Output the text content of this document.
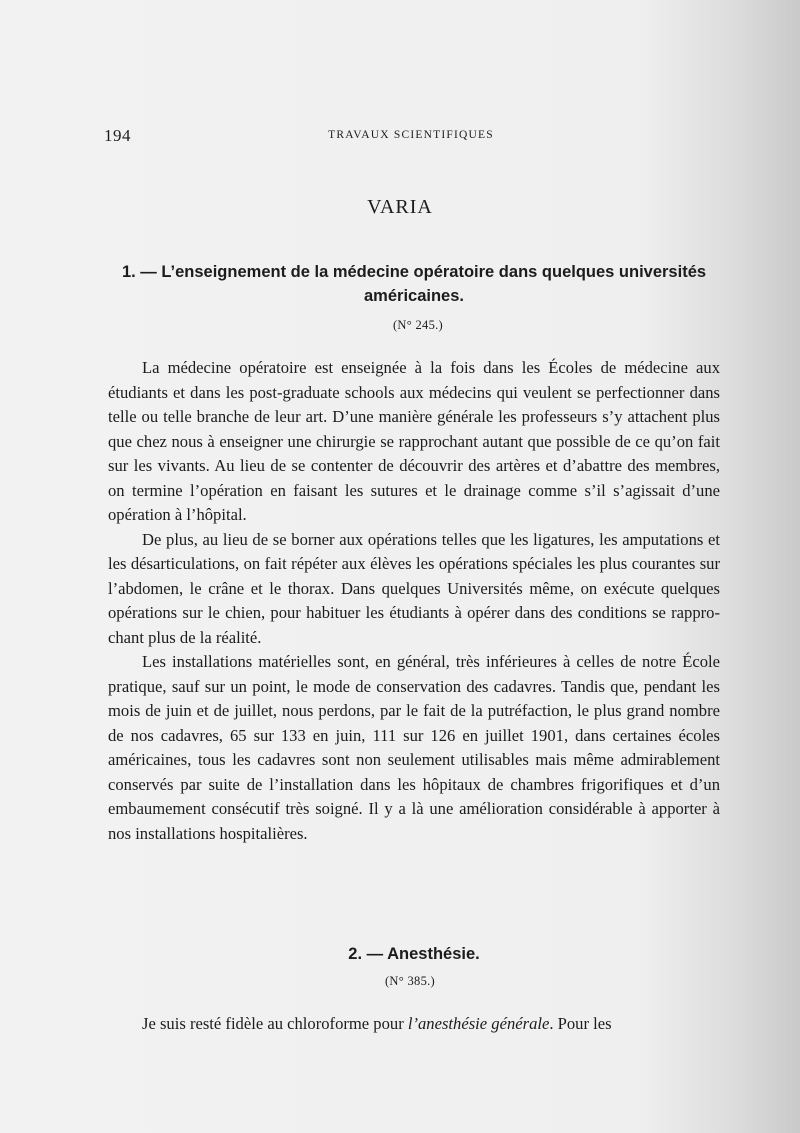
194	TRAVAUX SCIENTIFIQUES
VARIA
1. — L’enseignement de la médecine opératoire dans quelques universités
américaines.
(N° 245.)

La médecine opératoire est enseignée à la fois dans les Écoles de médecine aux étudiants et dans les post-graduate schools aux médecins qui veulent se perfectionner dans telle ou telle branche de leur art. D’une manière générale les professeurs s’y attachent plus que chez nous à enseigner une chirurgie se rapprochant autant que possible de ce qu’on fait sur les vivants. Au lieu de se contenter de découvrir des artères et d’abattre des membres, on termine l’opération en faisant les sutures et le drainage comme s’il s’agissait d’une opération à l’hôpital.

De plus, au lieu de se borner aux opérations telles que les ligatures, les amputations et les désarticulations, on fait répéter aux élèves les opérations spéciales les plus courantes sur l’abdomen, le crâne et le thorax. Dans quelques Universités même, on exécute quelques opérations sur le chien, pour habituer les étudiants à opérer dans des conditions se rapprochant plus de la réalité.

Les installations matérielles sont, en général, très inférieures à celles de notre École pratique, sauf sur un point, le mode de conservation des cadavres. Tandis que, pendant les mois de juin et de juillet, nous perdons, par le fait de la putréfaction, le plus grand nombre de nos cadavres, 65 sur 133 en juin, 111 sur 126 en juillet 1901, dans certaines écoles américaines, tous les cadavres sont non seulement utilisables mais même admirablement conservés par suite de l’installation dans les hôpitaux de chambres frigorifiques et d’un embaumement consécutif très soigné. Il y a là une amélioration considérable à apporter à nos installations hospitalières.

2. — Anesthésie.
(N° 385.)

Je suis resté fidèle au chloroforme pour l’anesthésie générale. Pour les
